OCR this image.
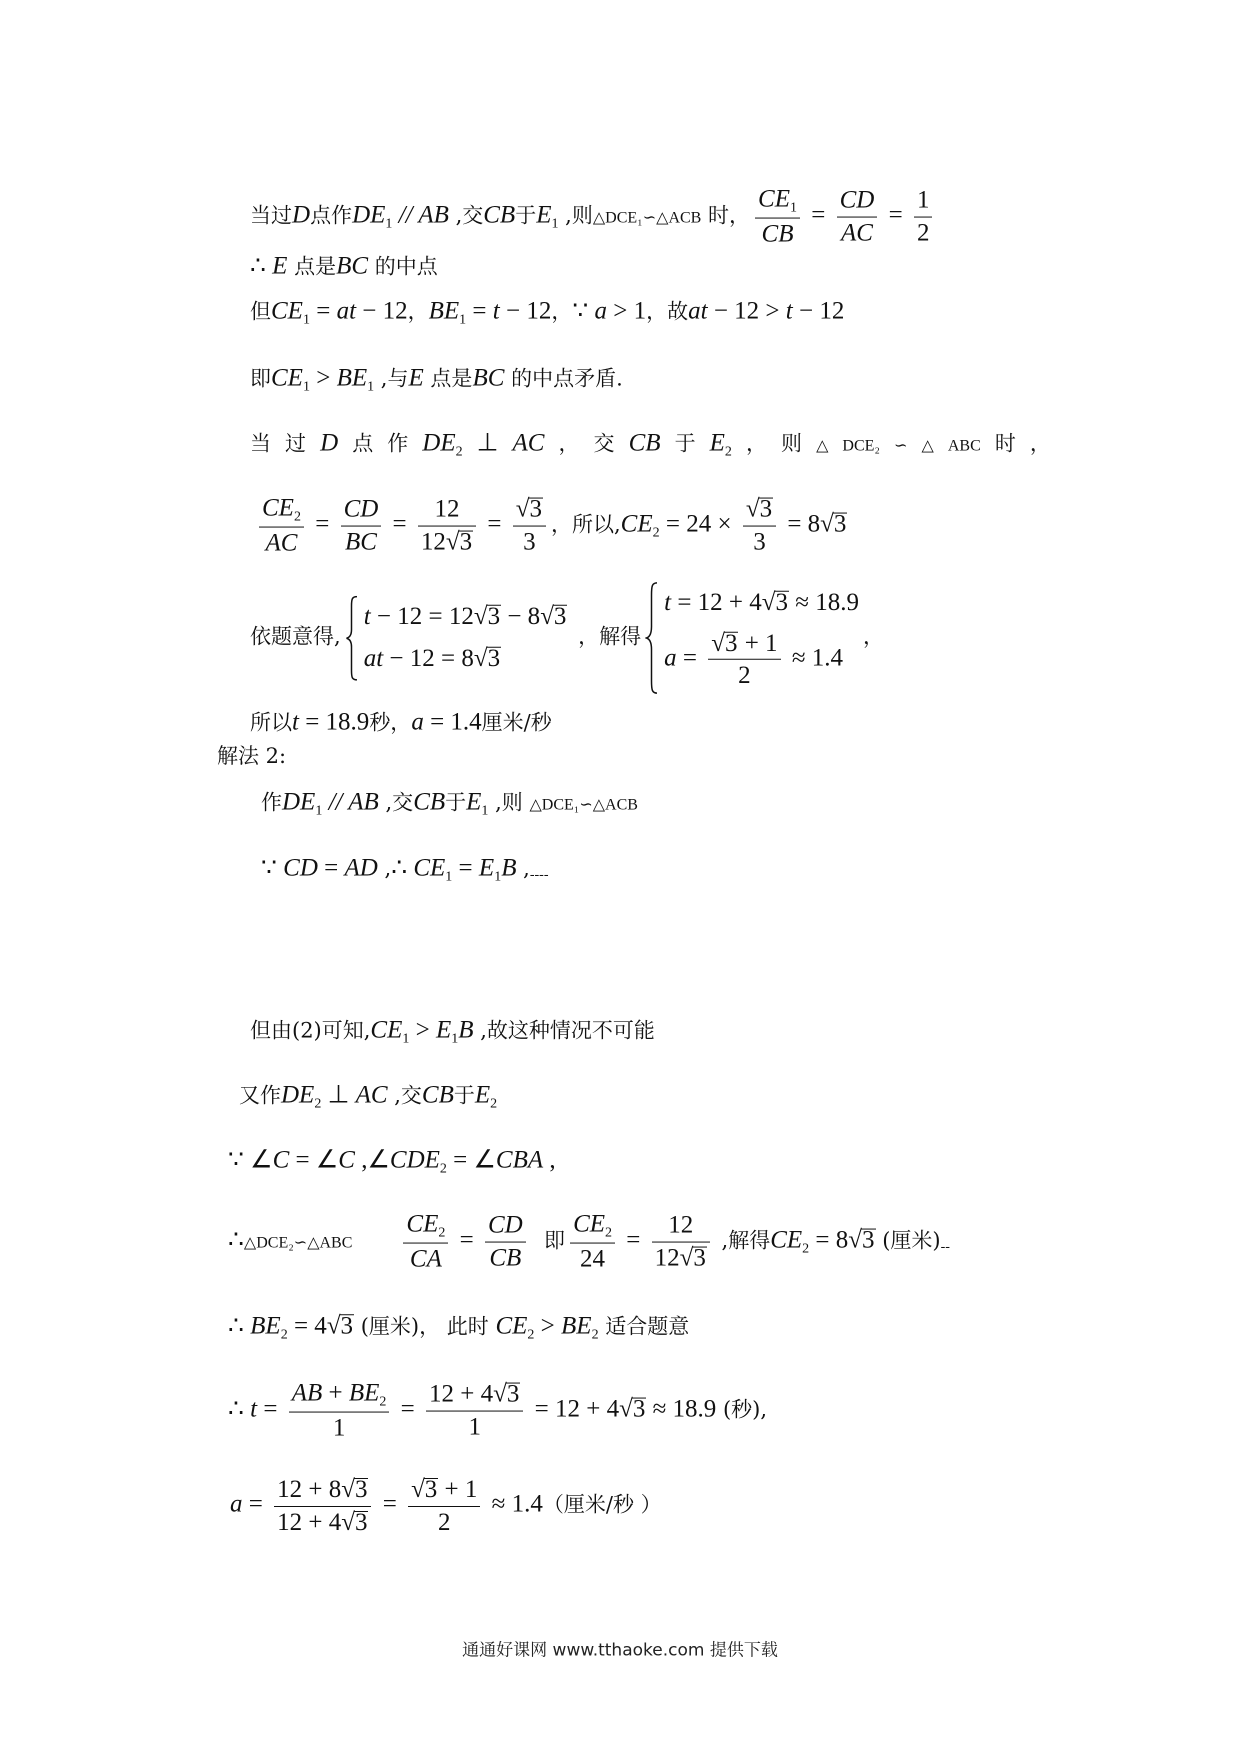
当过D点作$DE_1$ // AB ,交CB于$E_1$ ,则△DCE₁∽△ACB 时， $\frac{CE_1}{CB} = \frac{CD}{AC} = \frac{1}{2}$
∴ E 点是BC 的中点
但$CE_1$ = at − 12，$BE_1 = t - 12$，∵ a > 1，故at − 12 > t − 12
即$CE_1 > BE_1$ ,与E 点是BC 的中点矛盾.
当 过 D 点 作 $DE_2$ ⊥ AC ， 交 CB 于 $E_2$ ， 则 △ DCE₂ ∽ △ ABC 时 ，
$\frac{CE_2}{AC} = \frac{CD}{BC} = \frac{12}{12 √ 3} = \frac{√ 3}{3}$ ，所以$,CE_2 = 24 \times \frac{√ 3}{3} = 8$ √ 3
依题意得,
t − 12 = 12 √ 3 − 8 √ 3
at − 12 = 8 √ 3
，解得
t = 12 + 4 √ 3 ≈ 18.9
$a = \frac{√ 3 + 1}{2} \approx 1.4$
，
所以t = 18.9秒，a = 1.4厘米/秒
解法 2:
作$DE_1$ // AB ,交CB于$E_1$ ,则 △DCE₁∽△ACB
∵ CD = AD ,∴ $CE_1 = E_1B$ ,----
但由(2)可知$,CE_1 > E_1B$ ,故这种情况不可能
又作$DE_2$ ⊥ AC ,交CB于$E_2$
∵ ∠C = ∠C $,\angle CDE_2$ = ∠CBA ,
∴△DCE₂∽△ABC $\frac{CE_2}{CA} = \frac{CD}{CB}$ 即 $\frac{CE_2}{24} = \frac{12}{12 √ 3}$ ,解得$CE_2 = 8$ √ 3 (厘米)--
∴ $BE_2 = 4$ √ 3 (厘米)， 此时 $CE_2 > BE_2$ 适合题意
∴ $t = \frac{AB + BE_2}{1} = \frac{12 + 4 √ 3}{1} = 12 + 4$ √ 3 ≈ 18.9 (秒),
$a = \frac{12 + 8 √ 3}{12 + 4 √ 3} = \frac{√ 3 + 1}{2} \approx 1.4$（厘米/秒 ）
通通好课网 www.tthaoke.com 提供下载
